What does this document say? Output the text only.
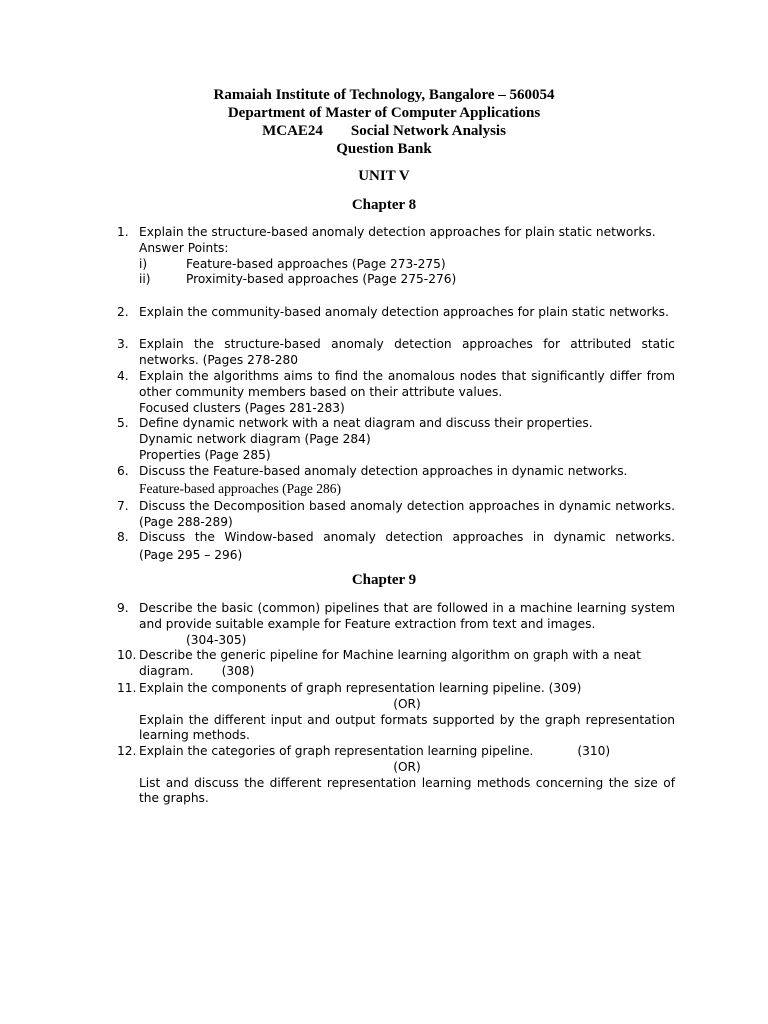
Ramaiah Institute of Technology, Bangalore – 560054
Department of Master of Computer Applications
MCAE24 Social Network Analysis
Question Bank
UNIT V
Chapter 8
1. Explain the structure-based anomaly detection approaches for plain static networks.
Answer Points:
i)	Feature-based approaches (Page 273-275)
ii)	Proximity-based approaches (Page 275-276)
2. Explain the community-based anomaly detection approaches for plain static networks.
3. Explain the structure-based anomaly detection approaches for attributed static networks. (Pages 278-280
4. Explain the algorithms aims to find the anomalous nodes that significantly differ from other community members based on their attribute values.
Focused clusters (Pages 281-283)
5. Define dynamic network with a neat diagram and discuss their properties.
Dynamic network diagram (Page 284)
Properties (Page 285)
6. Discuss the Feature-based anomaly detection approaches in dynamic networks.
Feature-based approaches (Page 286)
7. Discuss the Decomposition based anomaly detection approaches in dynamic networks. (Page 288-289)
8. Discuss the Window-based anomaly detection approaches in dynamic networks.
(Page 295 – 296)
Chapter 9
9. Describe the basic (common) pipelines that are followed in a machine learning system and provide suitable example for Feature extraction from text and images.
(304-305)
10. Describe the generic pipeline for Machine learning algorithm on graph with a neat diagram. (308)
11. Explain the components of graph representation learning pipeline. (309)
(OR)
Explain the different input and output formats supported by the graph representation learning methods.
12. Explain the categories of graph representation learning pipeline.	(310)
(OR)
List and discuss the different representation learning methods concerning the size of the graphs.
